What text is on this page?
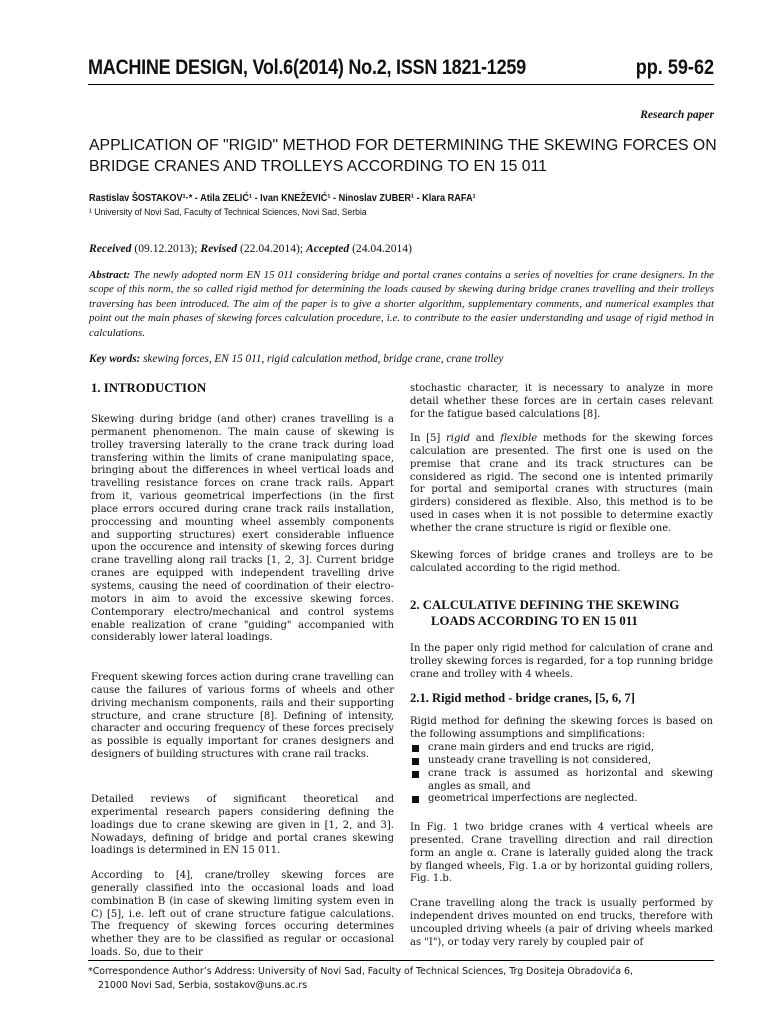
MACHINE DESIGN, Vol.6(2014) No.2, ISSN 1821-1259	pp. 59-62
Research paper
APPLICATION OF "RIGID" METHOD FOR DETERMINING THE SKEWING FORCES ON BRIDGE CRANES AND TROLLEYS ACCORDING TO EN 15 011
Rastislav ŠOSTAKOV¹·* - Atila ZELIĆ¹ - Ivan KNEŽEVIĆ¹ - Ninoslav ZUBER¹ - Klara RAFA¹
¹ University of Novi Sad, Faculty of Technical Sciences, Novi Sad, Serbia
Received (09.12.2013); Revised (22.04.2014); Accepted (24.04.2014)
Abstract: The newly adopted norm EN 15 011 considering bridge and portal cranes contains a series of novelties for crane designers. In the scope of this norm, the so called rigid method for determining the loads caused by skewing during bridge cranes travelling and their trolleys traversing has been introduced. The aim of the paper is to give a shorter algorithm, supplementary comments, and numerical examples that point out the main phases of skewing forces calculation procedure, i.e. to contribute to the easier understanding and usage of rigid method in calculations.
Key words: skewing forces, EN 15 011, rigid calculation method, bridge crane, crane trolley
1. INTRODUCTION

Skewing during bridge (and other) cranes travelling is a permanent phenomenon. The main cause of skewing is trolley traversing laterally to the crane track during load transfering within the limits of crane manipulating space, bringing about the differences in wheel vertical loads and travelling resistance forces on crane track rails. Appart from it, various geometrical imperfections (in the first place errors occured during crane track rails installation, proccessing and mounting wheel assembly components and supporting structures) exert considerable influence upon the occurence and intensity of skewing forces during crane travelling along rail tracks [1, 2, 3]. Current bridge cranes are equipped with independent travelling drive systems, causing the need of coordination of their electro-motors in aim to avoid the excessive skewing forces. Contemporary electro/mechanical and control systems enable realization of crane "guiding" accompanied with considerably lower lateral loadings.

Frequent skewing forces action during crane travelling can cause the failures of various forms of wheels and other driving mechanism components, rails and their supporting structure, and crane structure [8]. Defining of intensity, character and occuring frequency of these forces precisely as possible is equally important for cranes designers and designers of building structures with crane rail tracks.

Detailed reviews of significant theoretical and experimental research papers considering defining the loadings due to crane skewing are given in [1, 2, and 3]. Nowadays, defining of bridge and portal cranes skewing loadings is determined in EN 15 011.

According to [4], crane/trolley skewing forces are generally classified into the occasional loads and load combination B (in case of skewing limiting system even in C) [5], i.e. left out of crane structure fatigue calculations. The frequency of skewing forces occuring determines whether they are to be classified as regular or occasional loads. So, due to their

stochastic character, it is necessary to analyze in more detail whether these forces are in certain cases relevant for the fatigue based calculations [8].

In [5] rigid and flexible methods for the skewing forces calculation are presented. The first one is used on the premise that crane and its track structures can be considered as rigid. The second one is intented primarily for portal and semiportal cranes with structures (main girders) considered as flexible. Also, this method is to be used in cases when it is not possible to determine exactly whether the crane structure is rigid or flexible one.

Skewing forces of bridge cranes and trolleys are to be calculated according to the rigid method.

2. CALCULATIVE DEFINING THE SKEWING
LOADS ACCORDING TO EN 15 011

In the paper only rigid method for calculation of crane and trolley skewing forces is regarded, for a top running bridge crane and trolley with 4 wheels.

2.1. Rigid method - bridge cranes, [5, 6, 7]

Rigid method for defining the skewing forces is based on the following assumptions and simplifications:

crane main girders and end trucks are rigid,
unsteady crane travelling is not considered,
crane track is assumed as horizontal and skewing angles as small, and
geometrical imperfections are neglected.

In Fig. 1 two bridge cranes with 4 vertical wheels are presented. Crane travelling direction and rail direction form an angle α. Crane is laterally guided along the track by flanged wheels, Fig. 1.a or by horizontal guiding rollers, Fig. 1.b.

Crane travelling along the track is usually performed by independent drives mounted on end trucks, therefore with uncoupled driving wheels (a pair of driving wheels marked as "I"), or today very rarely by coupled pair of

*Correspondence Author’s Address: University of Novi Sad, Faculty of Technical Sciences, Trg Dositeja Obradovića 6,
21000 Novi Sad, Serbia, sostakov@uns.ac.rs
